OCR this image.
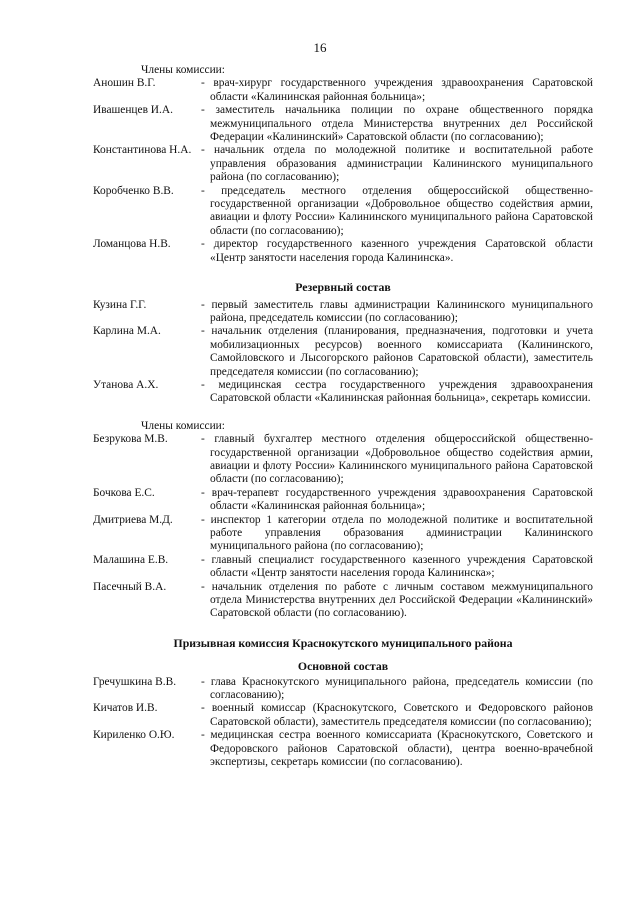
16
Члены комиссии:
Аношин В.Г.	- врач-хирург государственного учреждения здравоохранения Саратовской области «Калининская районная больница»;
Ивашенцев И.А.	- заместитель начальника полиции по охране общественного порядка межмуниципального отдела Министерства внутренних дел Российской Федерации «Калининский» Саратовской области (по согласованию);
Константинова Н.А. - начальник отдела по молодежной политике и воспитательной работе управления образования администрации Калининского муниципального района (по согласованию);
Коробченко В.В.	- председатель местного отделения общероссийской общественно-государственной организации «Добровольное общество содействия армии, авиации и флоту России» Калининского муниципального района Саратовской области (по согласованию);
Ломанцова Н.В.	- директор государственного казенного учреждения Саратовской области «Центр занятости населения города Калининска».
Резервный состав
Кузина Г.Г.	- первый заместитель главы администрации Калининского муниципального района, председатель комиссии (по согласованию);
Карлина М.А.	- начальник отделения (планирования, предназначения, подготовки и учета мобилизационных ресурсов) военного комиссариата (Калининского, Самойловского и Лысогорского районов Саратовской области), заместитель председателя комиссии (по согласованию);
Утанова А.Х.	- медицинская сестра государственного учреждения здравоохранения Саратовской области «Калининская районная больница», секретарь комиссии.
Члены комиссии:
Безрукова М.В.	- главный бухгалтер местного отделения общероссийской общественно-государственной организации «Добровольное общество содействия армии, авиации и флоту России» Калининского муниципального района Саратовской области (по согласованию);
Бочкова Е.С.	- врач-терапевт государственного учреждения здравоохранения Саратовской области «Калининская районная больница»;
Дмитриева М.Д.	- инспектор 1 категории отдела по молодежной политике и воспитательной работе управления образования администрации Калининского муниципального района (по согласованию);
Малашина Е.В.	- главный специалист государственного казенного учреждения Саратовской области «Центр занятости населения города Калининска»;
Пасечный В.А.	- начальник отделения по работе с личным составом межмуниципального отдела Министерства внутренних дел Российской Федерации «Калининский» Саратовской области (по согласованию).
Призывная комиссия Краснокутского муниципального района
Основной состав
Гречушкина В.В.	- глава Краснокутского муниципального района, председатель комиссии (по согласованию);
Кичатов И.В.	- военный комиссар (Краснокутского, Советского и Федоровского районов Саратовской области), заместитель председателя комиссии (по согласованию);
Кириленко О.Ю.	- медицинская сестра военного комиссариата (Краснокутского, Советского и Федоровского районов Саратовской области), центра военно-врачебной экспертизы, секретарь комиссии (по согласованию).
